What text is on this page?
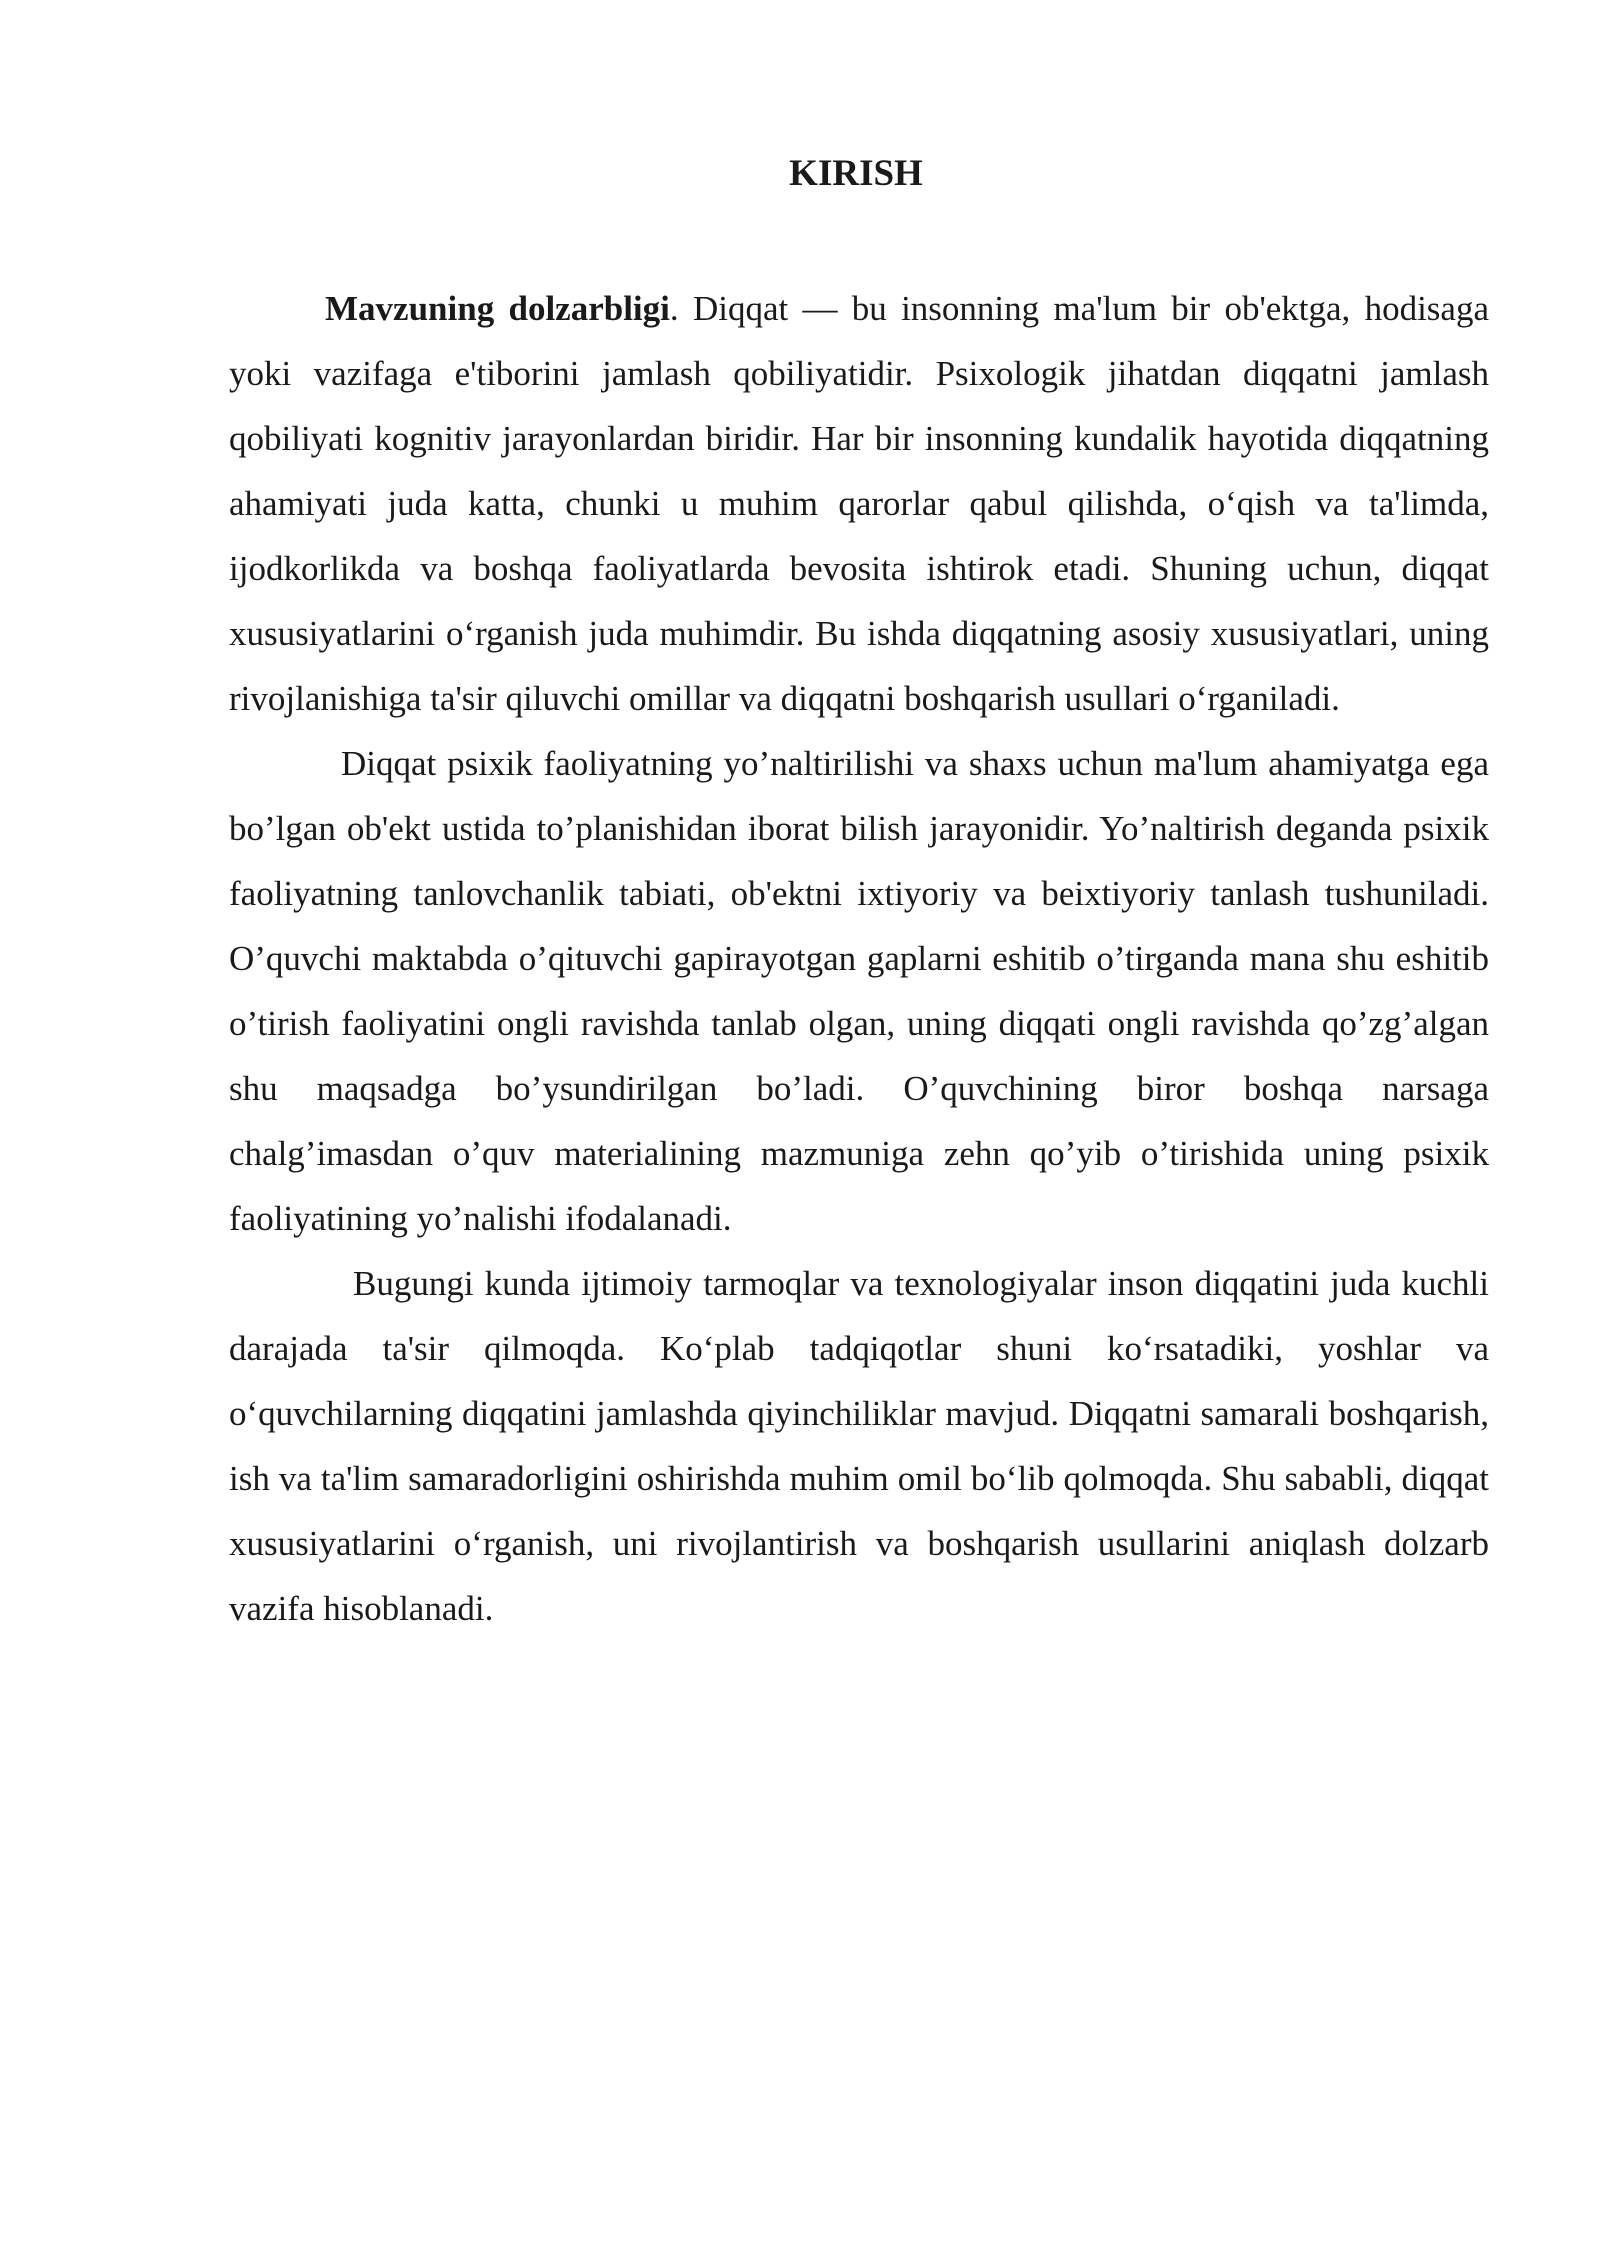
KIRISH

Mavzuning dolzarbligi. Diqqat — bu insonning ma'lum bir ob'ektga, hodisaga yoki vazifaga e'tiborini jamlash qobiliyatidir. Psixologik jihatdan diqqatni jamlash qobiliyati kognitiv jarayonlardan biridir. Har bir insonning kundalik hayotida diqqatning ahamiyati juda katta, chunki u muhim qarorlar qabul qilishda, o‘qish va ta'limda, ijodkorlikda va boshqa faoliyatlarda bevosita ishtirok etadi. Shuning uchun, diqqat xususiyatlarini o‘rganish juda muhimdir. Bu ishda diqqatning asosiy xususiyatlari, uning rivojlanishiga ta'sir qiluvchi omillar va diqqatni boshqarish usullari o‘rganiladi.

Diqqat psixik faoliyatning yo’naltirilishi va shaxs uchun ma'lum ahamiyatga ega bo’lgan ob'ekt ustida to’planishidan iborat bilish jarayonidir. Yo’naltirish deganda psixik faoliyatning tanlovchanlik tabiati, ob'ektni ixtiyoriy va beixtiyoriy tanlash tushuniladi. O’quvchi maktabda o’qituvchi gapirayotgan gaplarni eshitib o’tirganda mana shu eshitib o’tirish faoliyatini ongli ravishda tanlab olgan, uning diqqati ongli ravishda qo’zg’algan shu maqsadga bo’ysundirilgan bo’ladi. O’quvchining biror boshqa narsaga chalg’imasdan o’quv materialining mazmuniga zehn qo’yib o’tirishida uning psixik faoliyatining yo’nalishi ifodalanadi.

Bugungi kunda ijtimoiy tarmoqlar va texnologiyalar inson diqqatini juda kuchli darajada ta'sir qilmoqda. Ko‘plab tadqiqotlar shuni ko‘rsatadiki, yoshlar va o‘quvchilarning diqqatini jamlashda qiyinchiliklar mavjud. Diqqatni samarali boshqarish, ish va ta'lim samaradorligini oshirishda muhim omil bo‘lib qolmoqda. Shu sababli, diqqat xususiyatlarini o‘rganish, uni rivojlantirish va boshqarish usullarini aniqlash dolzarb vazifa hisoblanadi.
